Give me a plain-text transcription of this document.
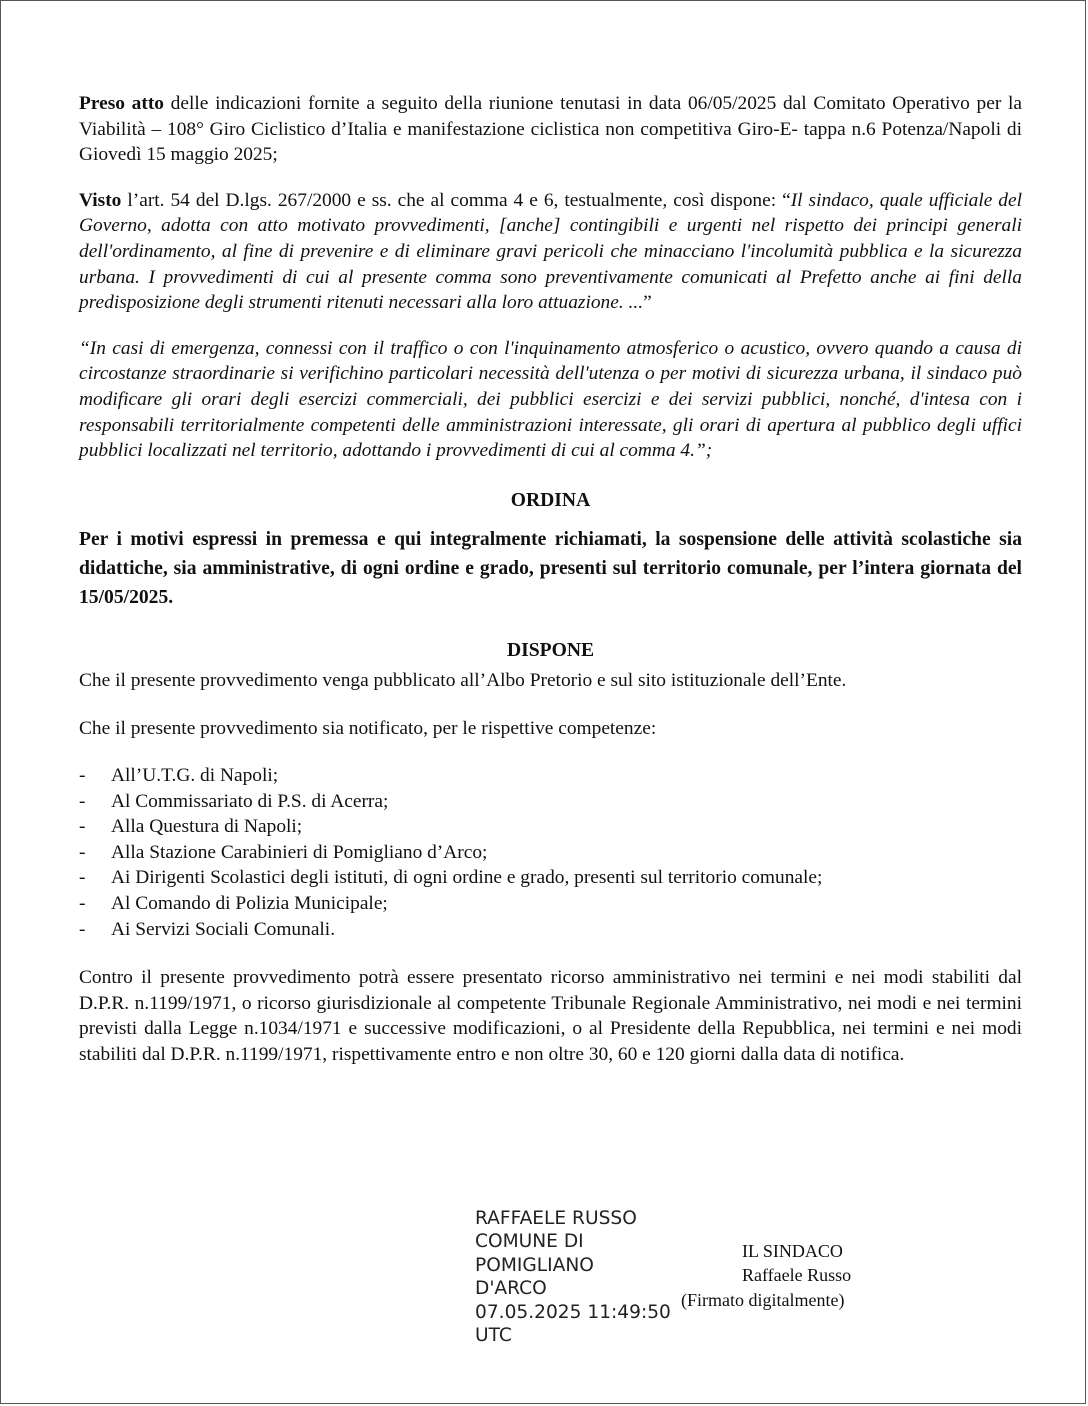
Preso atto delle indicazioni fornite a seguito della riunione tenutasi in data 06/05/2025 dal Comitato Operativo per la Viabilità – 108° Giro Ciclistico d’Italia e manifestazione ciclistica non competitiva Giro-E- tappa n.6 Potenza/Napoli di Giovedì 15 maggio 2025;

Visto l’art. 54 del D.lgs. 267/2000 e ss. che al comma 4 e 6, testualmente, così dispone: “Il sindaco, quale ufficiale del Governo, adotta con atto motivato provvedimenti, [anche] contingibili e urgenti nel rispetto dei principi generali dell'ordinamento, al fine di prevenire e di eliminare gravi pericoli che minacciano l'incolumità pubblica e la sicurezza urbana. I provvedimenti di cui al presente comma sono preventivamente comunicati al Prefetto anche ai fini della predisposizione degli strumenti ritenuti necessari alla loro attuazione. ...”

“In casi di emergenza, connessi con il traffico o con l'inquinamento atmosferico o acustico, ovvero quando a causa di circostanze straordinarie si verifichino particolari necessità dell'utenza o per motivi di sicurezza urbana, il sindaco può modificare gli orari degli esercizi commerciali, dei pubblici esercizi e dei servizi pubblici, nonché, d'intesa con i responsabili territorialmente competenti delle amministrazioni interessate, gli orari di apertura al pubblico degli uffici pubblici localizzati nel territorio, adottando i provvedimenti di cui al comma 4.”;

ORDINA

Per i motivi espressi in premessa e qui integralmente richiamati, la sospensione delle attività scolastiche sia didattiche, sia amministrative, di ogni ordine e grado, presenti sul territorio comunale, per l’intera giornata del 15/05/2025.

DISPONE

Che il presente provvedimento venga pubblicato all’Albo Pretorio e sul sito istituzionale dell’Ente.

Che il presente provvedimento sia notificato, per le rispettive competenze:

-	All’U.T.G. di Napoli;
-	Al Commissariato di P.S. di Acerra;
-	Alla Questura di Napoli;
-	Alla Stazione Carabinieri di Pomigliano d’Arco;
-	Ai Dirigenti Scolastici degli istituti, di ogni ordine e grado, presenti sul territorio comunale;
-	Al Comando di Polizia Municipale;
-	Ai Servizi Sociali Comunali.

Contro il presente provvedimento potrà essere presentato ricorso amministrativo nei termini e nei modi stabiliti dal D.P.R. n.1199/1971, o ricorso giurisdizionale al competente Tribunale Regionale Amministrativo, nei modi e nei termini previsti dalla Legge n.1034/1971 e successive modificazioni, o al Presidente della Repubblica, nei termini e nei modi stabiliti dal D.P.R. n.1199/1971, rispettivamente entro e non oltre 30, 60 e 120 giorni dalla data di notifica.

RAFFAELE RUSSO
COMUNE DI
POMIGLIANO
D'ARCO
07.05.2025 11:49:50
UTC
IL SINDACO
Raffaele Russo
(Firmato digitalmente)
